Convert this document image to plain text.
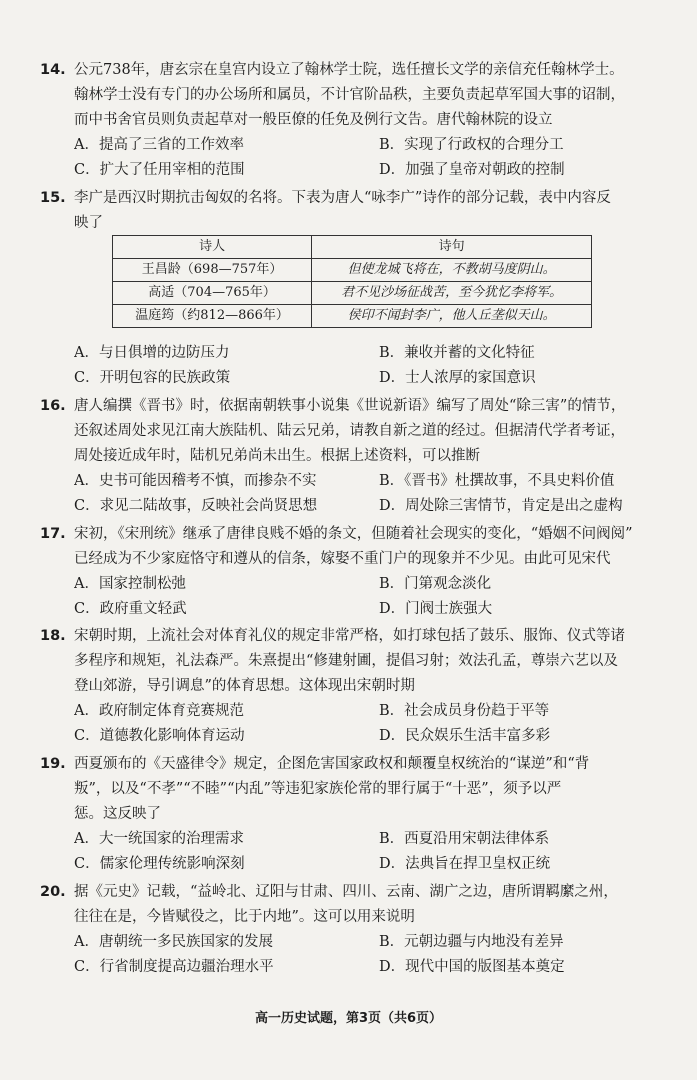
14. 公元738年，唐玄宗在皇宫内设立了翰林学士院，选任擅长文学的亲信充任翰林学士。
翰林学士没有专门的办公场所和属员，不计官阶品秩，主要负责起草军国大事的诏制，
而中书舍官员则负责起草对一般臣僚的任免及例行文告。唐代翰林院的设立
A．提高了三省的工作效率	B．实现了行政权的合理分工
C．扩大了任用宰相的范围	D．加强了皇帝对朝政的控制
15. 李广是西汉时期抗击匈奴的名将。下表为唐人“咏李广”诗作的部分记载，表中内容反
映了
诗人	诗句
王昌龄（698—757年）	但使龙城飞将在，不教胡马度阴山。
高适（704—765年）	君不见沙场征战苦，至今犹忆李将军。
温庭筠（约812—866年）	侯印不闻封李广，他人丘垄似天山。
A．与日俱增的边防压力	B．兼收并蓄的文化特征
C．开明包容的民族政策	D．士人浓厚的家国意识
16. 唐人编撰《晋书》时，依据南朝轶事小说集《世说新语》编写了周处“除三害”的情节，
还叙述周处求见江南大族陆机、陆云兄弟，请教自新之道的经过。但据清代学者考证，
周处接近成年时，陆机兄弟尚未出生。根据上述资料，可以推断
A．史书可能因稽考不慎，而掺杂不实	B．《晋书》杜撰故事，不具史料价值
C．求见二陆故事，反映社会尚贤思想	D．周处除三害情节，肯定是出之虚构
17. 宋初，《宋刑统》继承了唐律良贱不婚的条文，但随着社会现实的变化，“婚姻不问阀阅”
已经成为不少家庭恪守和遵从的信条，嫁娶不重门户的现象并不少见。由此可见宋代
A．国家控制松弛	B．门第观念淡化
C．政府重文轻武	D．门阀士族强大
18. 宋朝时期，上流社会对体育礼仪的规定非常严格，如打球包括了鼓乐、服饰、仪式等诸
多程序和规矩，礼法森严。朱熹提出“修建射圃，提倡习射；效法孔孟，尊崇六艺以及
登山郊游，导引调息”的体育思想。这体现出宋朝时期
A．政府制定体育竞赛规范	B．社会成员身份趋于平等
C．道德教化影响体育运动	D．民众娱乐生活丰富多彩
19. 西夏颁布的《天盛律令》规定，企图危害国家政权和颠覆皇权统治的“谋逆”和“背
叛”，以及“不孝”“不睦”“内乱”等违犯家族伦常的罪行属于“十恶”，须予以严
惩。这反映了
A．大一统国家的治理需求	B．西夏沿用宋朝法律体系
C．儒家伦理传统影响深刻	D．法典旨在捍卫皇权正统
20. 据《元史》记载，“益岭北、辽阳与甘肃、四川、云南、湖广之边，唐所谓羁縻之州，
往往在是，今皆赋役之，比于内地”。这可以用来说明
A．唐朝统一多民族国家的发展	B．元朝边疆与内地没有差异
C．行省制度提高边疆治理水平	D．现代中国的版图基本奠定
高一历史试题，第3页（共6页）
